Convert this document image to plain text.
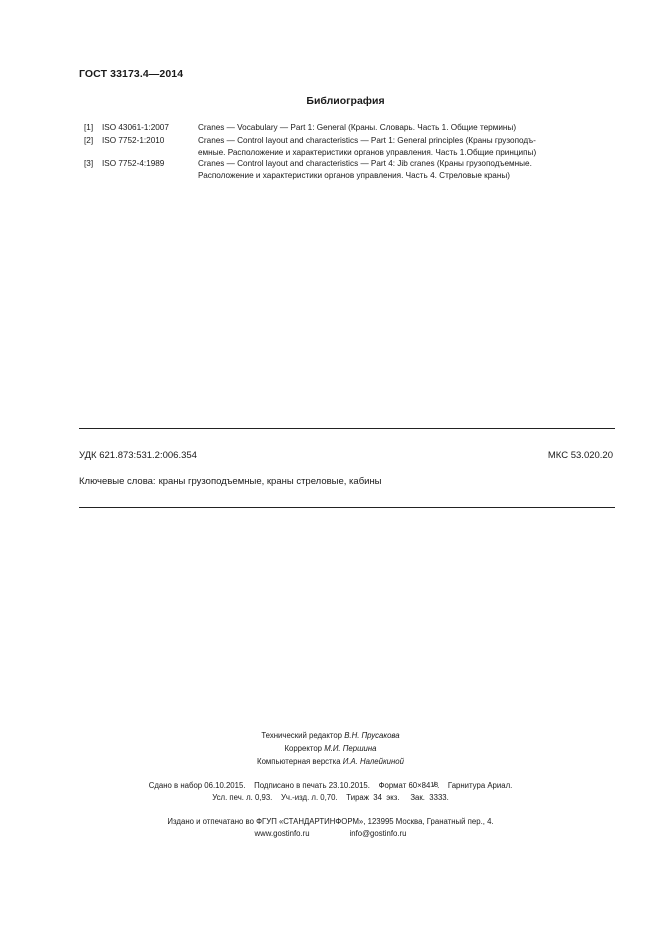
ГОСТ 33173.4—2014
Библиография
[1]	ISO 43061-1:2007	Cranes — Vocabulary — Part 1: General (Краны. Словарь. Часть 1. Общие термины)
[2]	ISO 7752-1:2010	Cranes — Control layout and characteristics — Part 1: General principles (Краны грузоподъ-
емные. Расположение и характеристики органов управления. Часть 1.Общие принципы)
[3]	ISO 7752-4:1989	Cranes — Control layout and characteristics — Part 4: Jib cranes (Краны грузоподъемные.
Расположение и характеристики органов управления. Часть 4. Стреловые краны)
УДК 621.873:531.2:006.354	МКС 53.020.20
Ключевые слова: краны грузоподъемные, краны стреловые, кабины
Технический редактор В.Н. Прусакова
Корректор М.И. Першина
Компьютерная верстка И.А. Налейкиной
Сдано в набор 06.10.2015.    Подписано в печать 23.10.2015.    Формат 60×841/8.    Гарнитура Ариал.
Усл. печ. л. 0,93.    Уч.-изд. л. 0,70.    Тираж  34  экз.     Зак.  3333.
Издано и отпечатано во ФГУП «СТАНДАРТИНФОРМ», 123995 Москва, Гранатный пер., 4.
www.gostinfo.ru	info@gostinfo.ru
